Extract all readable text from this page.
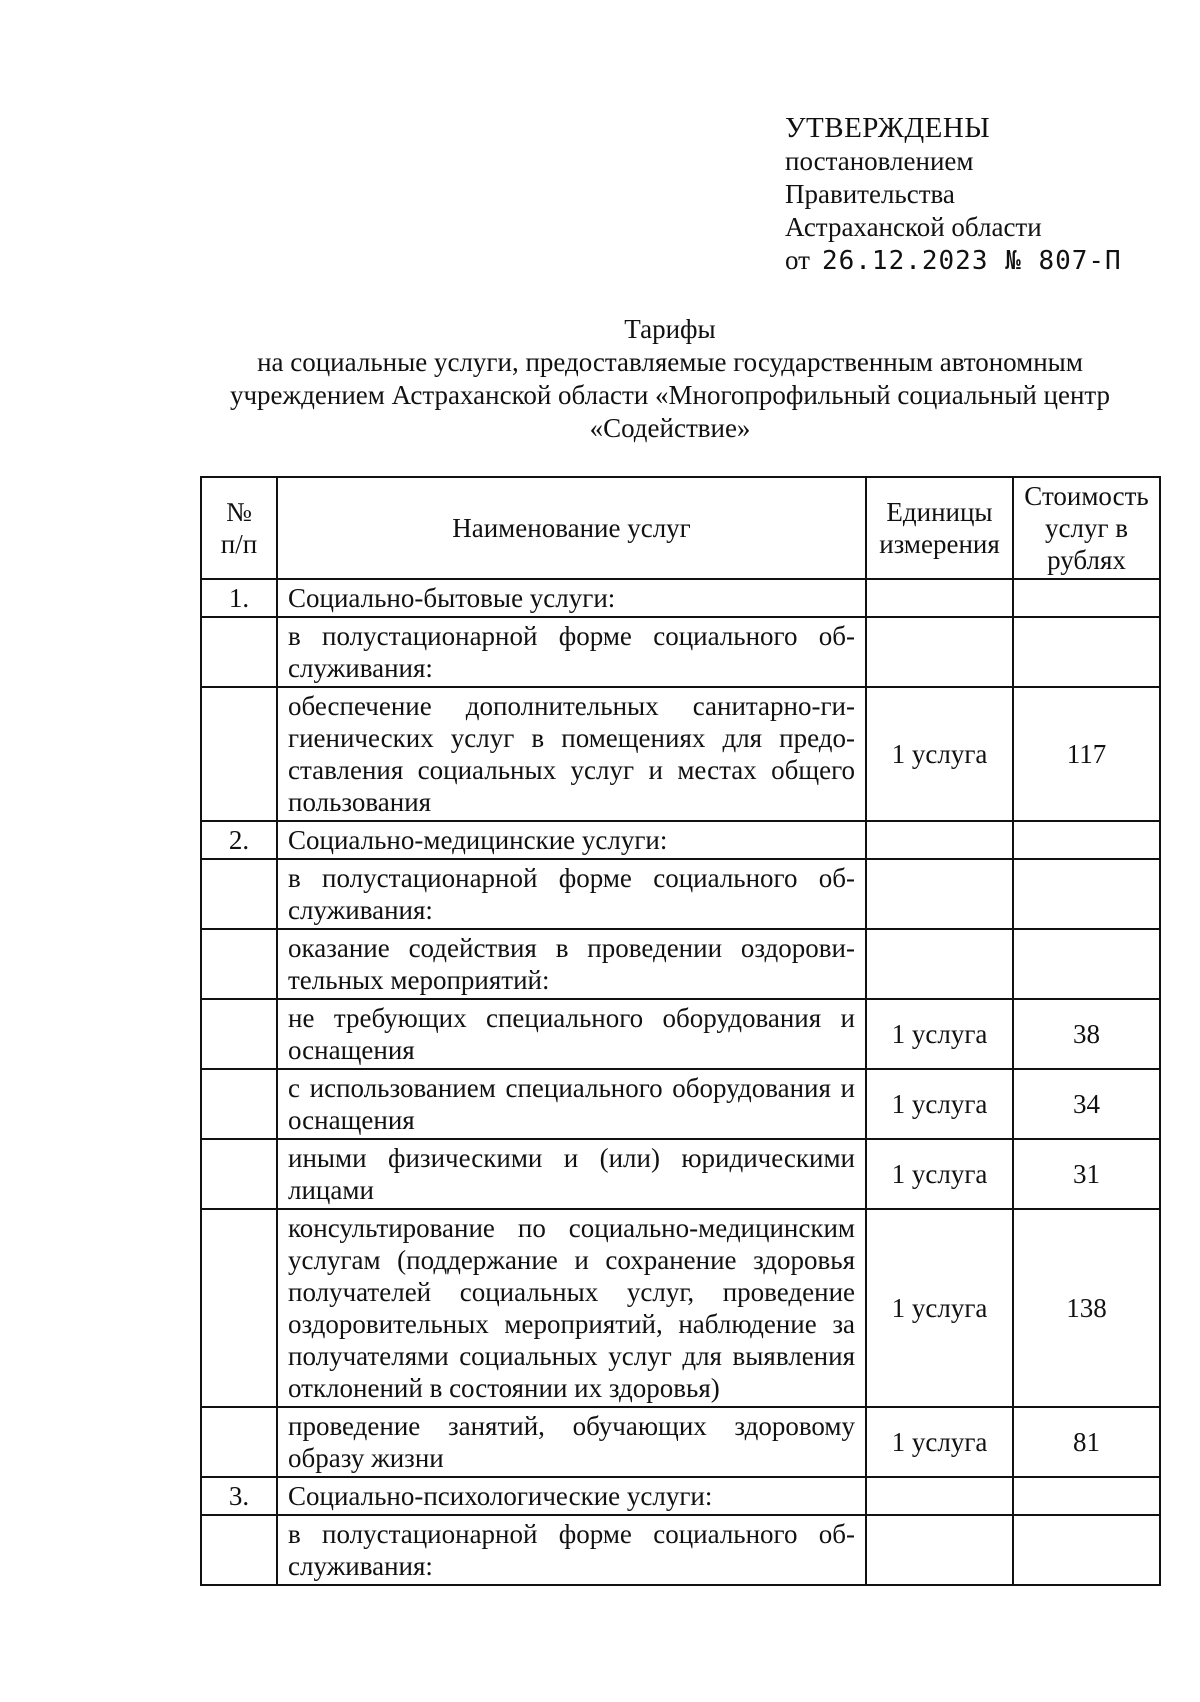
УТВЕРЖДЕНЫ
постановлением
Правительства
Астраханской области
от 26.12.2023 № 807-П
Тарифы
на социальные услуги, предоставляемые государственным автономным
учреждением Астраханской области «Многопрофильный социальный центр
«Содействие»
№ п/п	Наименование услуг	Единицы измерения	Стоимость услуг в рублях
1.	Социально-бытовые услуги:		
	в полустационарной форме социального обслуживания:		
	обеспечение дополнительных санитарно-гигиенических услуг в помещениях для предоставления социальных услуг и местах общего пользования	1 услуга	117
2.	Социально-медицинские услуги:		
	в полустационарной форме социального обслуживания:		
	оказание содействия в проведении оздоровительных мероприятий:		
	не требующих специального оборудования и оснащения	1 услуга	38
	с использованием специального оборудования и оснащения	1 услуга	34
	иными физическими и (или) юридическими лицами	1 услуга	31
	консультирование по социально-медицинским услугам (поддержание и сохранение здоровья получателей социальных услуг, проведение оздоровительных мероприятий, наблюдение за получателями социальных услуг для выявления отклонений в состоянии их здоровья)	1 услуга	138
	проведение занятий, обучающих здоровому образу жизни	1 услуга	81
3.	Социально-психологические услуги:		
	в полустационарной форме социального обслуживания:		
